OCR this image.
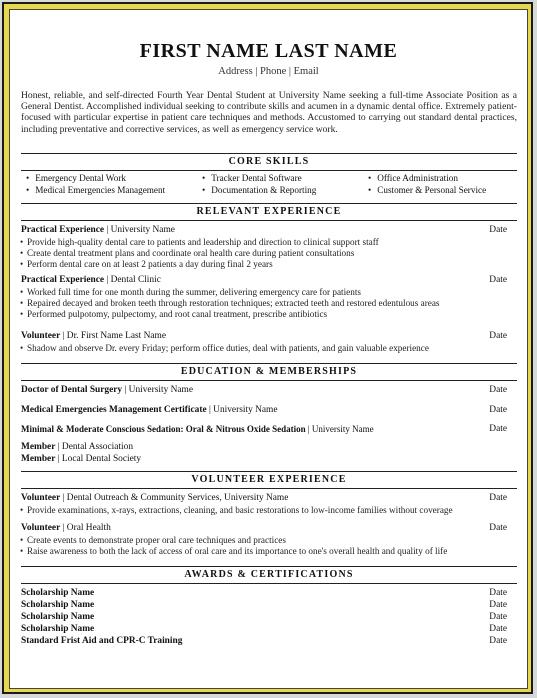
FIRST NAME LAST NAME
Address | Phone | Email
Honest, reliable, and self-directed Fourth Year Dental Student at University Name seeking a full-time Associate Position as a General Dentist. Accomplished individual seeking to contribute skills and acumen in a dynamic dental office. Extremely patient-focused with particular expertise in patient care techniques and methods. Accustomed to carrying out standard dental practices, including preventative and corrective services, as well as emergency service work.
CORE SKILLS
• Emergency Dental Work
• Medical Emergencies Management
• Tracker Dental Software
• Documentation & Reporting
• Office Administration
• Customer & Personal Service
RELEVANT EXPERIENCE
Practical Experience | University Name	Date
• Provide high-quality dental care to patients and leadership and direction to clinical support staff
• Create dental treatment plans and coordinate oral health care during patient consultations
• Perform dental care on at least 2 patients a day during final 2 years
Practical Experience | Dental Clinic	Date
• Worked full time for one month during the summer, delivering emergency care for patients
• Repaired decayed and broken teeth through restoration techniques; extracted teeth and restored edentulous areas
• Performed pulpotomy, pulpectomy, and root canal treatment, prescribe antibiotics
Volunteer | Dr. First Name Last Name	Date
• Shadow and observe Dr. every Friday; perform office duties, deal with patients, and gain valuable experience
EDUCATION & MEMBERSHIPS
Doctor of Dental Surgery | University Name	Date
Medical Emergencies Management Certificate | University Name	Date
Minimal & Moderate Conscious Sedation: Oral & Nitrous Oxide Sedation | University Name	Date
Member | Dental Association
Member | Local Dental Society
VOLUNTEER EXPERIENCE
Volunteer | Dental Outreach & Community Services, University Name	Date
• Provide examinations, x-rays, extractions, cleaning, and basic restorations to low-income families without coverage
Volunteer | Oral Health	Date
• Create events to demonstrate proper oral care techniques and practices
• Raise awareness to both the lack of access of oral care and its importance to one's overall health and quality of life
AWARDS & CERTIFICATIONS
Scholarship Name	Date
Scholarship Name	Date
Scholarship Name	Date
Scholarship Name	Date
Standard Frist Aid and CPR-C Training	Date
